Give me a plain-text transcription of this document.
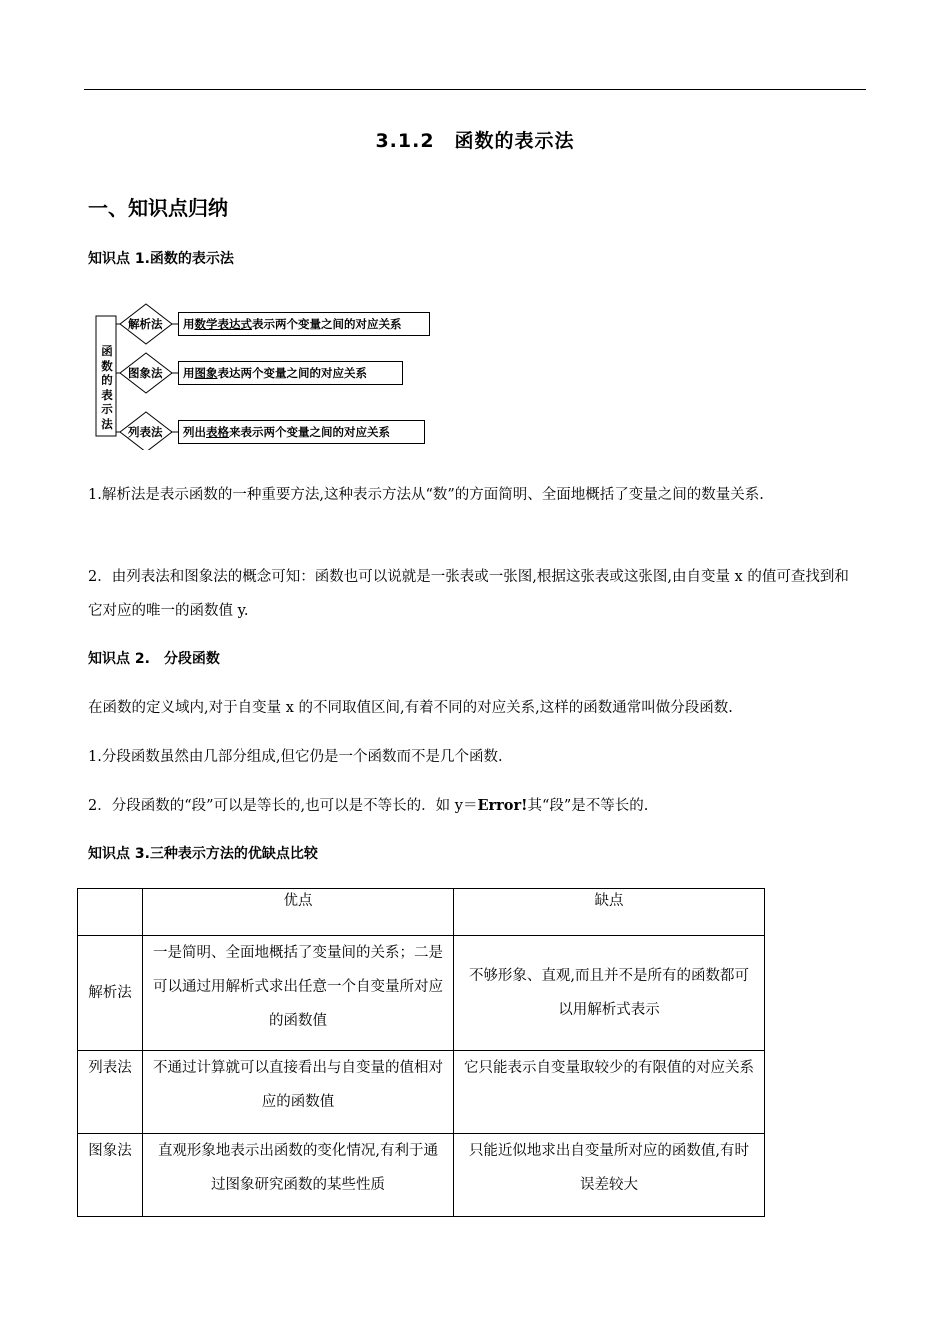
3.1.2　函数的表示法
一、知识点归纳
知识点 1.函数的表示法
函
数
的
表
示
法
解析法
图象法
列表法
用数学表达式表示两个变量之间的对应关系
用图象表达两个变量之间的对应关系
列出表格来表示两个变量之间的对应关系
1.解析法是表示函数的一种重要方法,这种表示方法从“数”的方面简明、全面地概括了变量之间的数量关系.
2．由列表法和图象法的概念可知：函数也可以说就是一张表或一张图,根据这张表或这张图,由自变量 x 的值可查找到和它对应的唯一的函数值 y.
知识点 2.　分段函数
在函数的定义域内,对于自变量 x 的不同取值区间,有着不同的对应关系,这样的函数通常叫做分段函数.
1.分段函数虽然由几部分组成,但它仍是一个函数而不是几个函数.
2．分段函数的“段”可以是等长的,也可以是不等长的．如 y＝Error!其“段”是不等长的.
知识点 3.三种表示方法的优缺点比较

	优点	缺点

解析法	一是简明、全面地概括了变量间的关系；二是可以通过用解析式求出任意一个自变量所对应的函数值	不够形象、直观,而且并不是所有的函数都可以用解析式表示
列表法	不通过计算就可以直接看出与自变量的值相对应的函数值	它只能表示自变量取较少的有限值的对应关系
图象法	直观形象地表示出函数的变化情况,有利于通过图象研究函数的某些性质	只能近似地求出自变量所对应的函数值,有时误差较大
